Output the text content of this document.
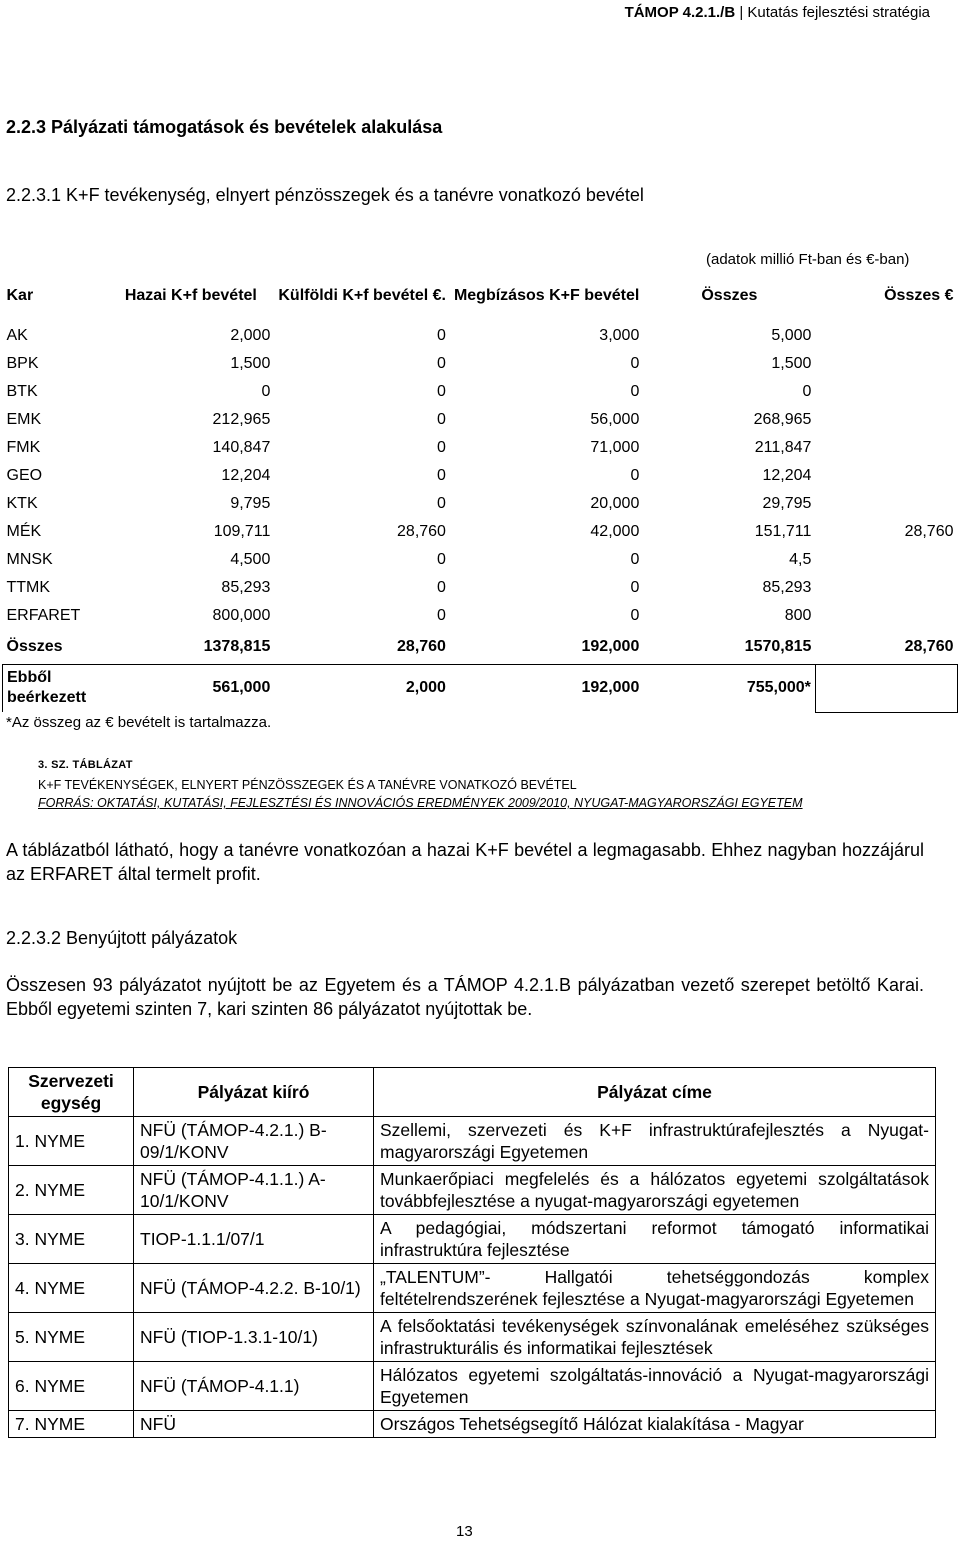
TÁMOP 4.2.1./B | Kutatás fejlesztési stratégia
2.2.3 Pályázati támogatások és bevételek alakulása
2.2.3.1 K+F tevékenység, elnyert pénzösszegek és a tanévre vonatkozó bevétel
(adatok millió Ft-ban és €-ban)
Kar	Hazai K+f bevétel	Külföldi K+f bevétel €.	Megbízásos K+F bevétel	Összes	Összes €
AK	2,000	0	3,000	5,000	
BPK	1,500	0	0	1,500	
BTK	0	0	0	0	
EMK	212,965	0	56,000	268,965	
FMK	140,847	0	71,000	211,847	
GEO	12,204	0	0	12,204	
KTK	9,795	0	20,000	29,795	
MÉK	109,711	28,760	42,000	151,711	28,760
MNSK	4,500	0	0	4,5	
TTMK	85,293	0	0	85,293	
ERFARET	800,000	0	0	800	
Összes	1378,815	28,760	192,000	1570,815	28,760
Ebből beérkezett	561,000	2,000	192,000	755,000*	
*Az összeg az € bevételt is tartalmazza.
3. SZ. TÁBLÁZAT
K+F TEVÉKENYSÉGEK, ELNYERT PÉNZÖSSZEGEK ÉS A TANÉVRE VONATKOZÓ BEVÉTEL
FORRÁS: OKTATÁSI, KUTATÁSI, FEJLESZTÉSI ÉS INNOVÁCIÓS EREDMÉNYEK 2009/2010, NYUGAT-MAGYARORSZÁGI EGYETEM
A táblázatból látható, hogy a tanévre vonatkozóan a hazai K+F bevétel a legmagasabb. Ehhez nagyban hozzájárul az ERFARET által termelt profit.
2.2.3.2 Benyújtott pályázatok
Összesen 93 pályázatot nyújtott be az Egyetem és a TÁMOP 4.2.1.B pályázatban vezető szerepet betöltő Karai. Ebből egyetemi szinten 7, kari szinten 86 pályázatot nyújtottak be.
Szervezeti egység	Pályázat kiíró	Pályázat címe
1. NYME	NFÜ (TÁMOP-4.2.1.) B-09/1/KONV	Szellemi, szervezeti és K+F infrastruktúrafejlesztés a Nyugat-magyarországi Egyetemen
2. NYME	NFÜ (TÁMOP-4.1.1.) A-10/1/KONV	Munkaerőpiaci megfelelés és a hálózatos egyetemi szolgáltatások továbbfejlesztése a nyugat-magyarországi egyetemen
3. NYME	TIOP-1.1.1/07/1	A pedagógiai, módszertani reformot támogató informatikai infrastruktúra fejlesztése
4. NYME	NFÜ (TÁMOP-4.2.2. B-10/1)	„TALENTUM”- Hallgatói tehetséggondozás komplex feltételrendszerének fejlesztése a Nyugat-magyarországi Egyetemen
5. NYME	NFÜ (TIOP-1.3.1-10/1)	A felsőoktatási tevékenységek színvonalának emeléséhez szükséges infrastrukturális és informatikai fejlesztések
6. NYME	NFÜ (TÁMOP-4.1.1)	Hálózatos egyetemi szolgáltatás-innováció a Nyugat-magyarországi Egyetemen
7. NYME	NFÜ	Országos Tehetségsegítő Hálózat kialakítása - Magyar
13
